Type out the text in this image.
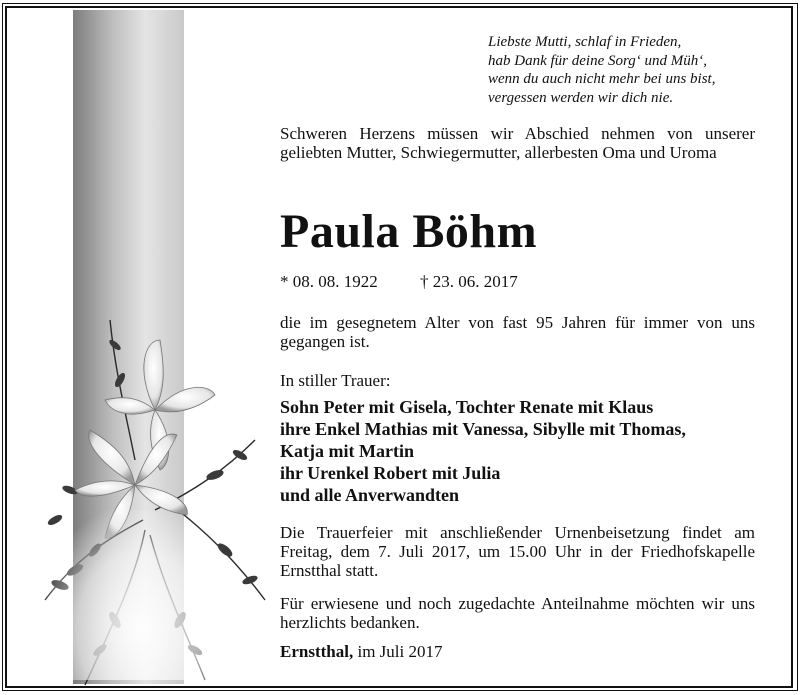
Liebste Mutti, schlaf in Frieden,
hab Dank für deine Sorg‘ und Müh‘,
wenn du auch nicht mehr bei uns bist,
vergessen werden wir dich nie.
Schweren Herzens müssen wir Abschied nehmen von unserer geliebten Mutter, Schwiegermutter, allerbesten Oma und Uroma
Paula Böhm
* 08. 08. 1922 † 23. 06. 2017
die im gesegnetem Alter von fast 95 Jahren für immer von uns gegangen ist.
In stiller Trauer:
Sohn Peter mit Gisela, Tochter Renate mit Klaus
ihre Enkel Mathias mit Vanessa, Sibylle mit Thomas,
Katja mit Martin
ihr Urenkel Robert mit Julia
und alle Anverwandten
Die Trauerfeier mit anschließender Urnenbeisetzung findet am Freitag, dem 7. Juli 2017, um 15.00 Uhr in der Friedhofskapelle Ernstthal statt.
Für erwiesene und noch zugedachte Anteilnahme möchten wir uns herzlichts bedanken.
Ernstthal, im Juli 2017
